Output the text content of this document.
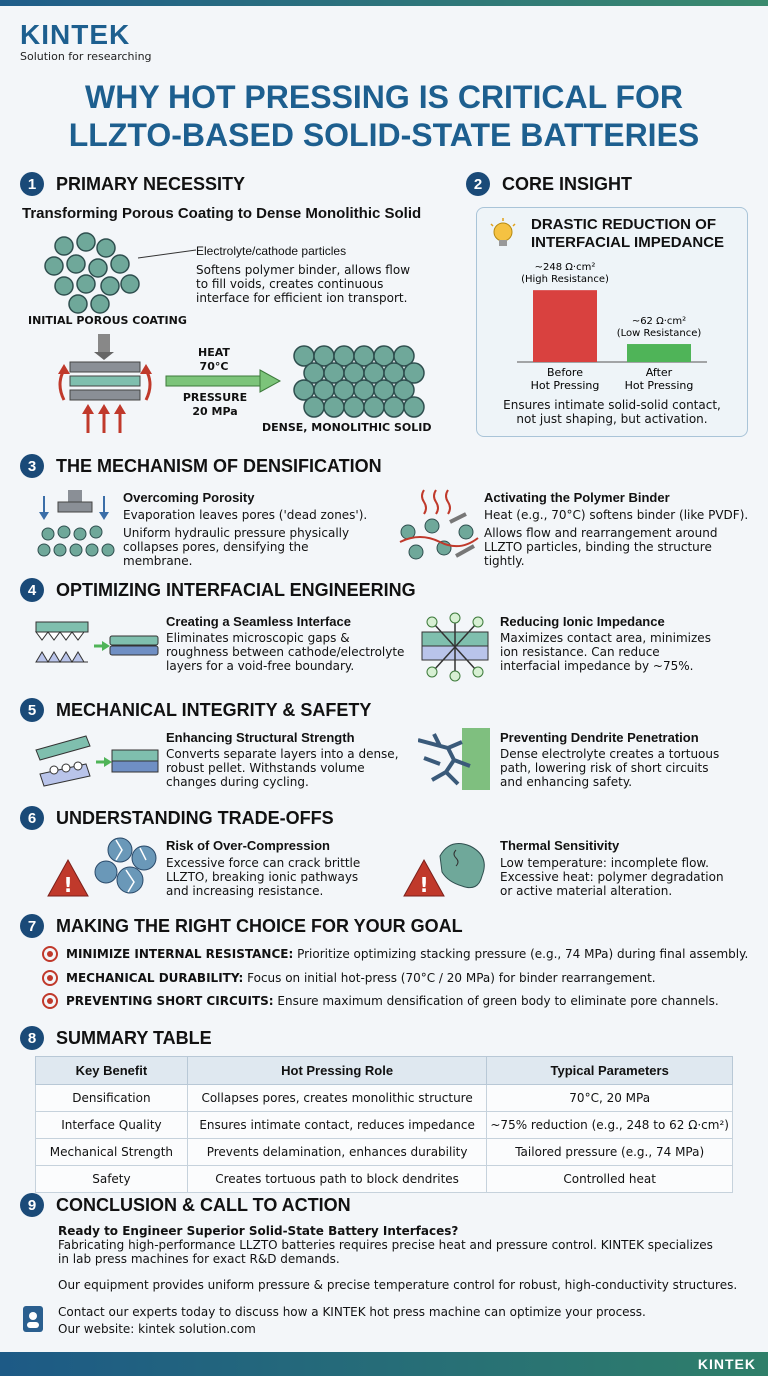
KINTEK
Solution for researching
WHY HOT PRESSING IS CRITICAL FOR
LLZTO-BASED SOLID-STATE BATTERIES
1	PRIMARY NECESSITY
Transforming Porous Coating to Dense Monolithic Solid
Electrolyte/cathode particles
Softens polymer binder, allows flow
to fill voids, creates continuous
interface for efficient ion transport.
INITIAL POROUS COATING
HEAT
70°C
PRESSURE
20 MPa
DENSE, MONOLITHIC SOLID
2	CORE INSIGHT
DRASTIC REDUCTION OF
INTERFACIAL IMPEDANCE
~248 Ω·cm²
(High Resistance)
Before
Hot Pressing
~62 Ω·cm²
(Low Resistance)
After
Hot Pressing
Ensures intimate solid-solid contact,
not just shaping, but activation.
3	THE MECHANISM OF DENSIFICATION
Overcoming Porosity
Evaporation leaves pores ('dead zones').
Uniform hydraulic pressure physically
collapses pores, densifying the
membrane.
Activating the Polymer Binder
Heat (e.g., 70°C) softens binder (like PVDF).
Allows flow and rearrangement around
LLZTO particles, binding the structure
tightly.
4	OPTIMIZING INTERFACIAL ENGINEERING
Creating a Seamless Interface
Eliminates microscopic gaps &
roughness between cathode/electrolyte
layers for a void-free boundary.
Reducing Ionic Impedance
Maximizes contact area, minimizes
ion resistance. Can reduce
interfacial impedance by ~75%.
5	MECHANICAL INTEGRITY & SAFETY
Enhancing Structural Strength
Converts separate layers into a dense,
robust pellet. Withstands volume
changes during cycling.
Preventing Dendrite Penetration
Dense electrolyte creates a tortuous
path, lowering risk of short circuits
and enhancing safety.
6	UNDERSTANDING TRADE-OFFS
!
Risk of Over-Compression
Excessive force can crack brittle
LLZTO, breaking ionic pathways
and increasing resistance.	!
Thermal Sensitivity
Low temperature: incomplete flow.
Excessive heat: polymer degradation
or active material alteration.
7	MAKING THE RIGHT CHOICE FOR YOUR GOAL
MINIMIZE INTERNAL RESISTANCE:
Prioritize optimizing stacking pressure (e.g., 74 MPa) during final assembly.
MECHANICAL DURABILITY:
Focus on initial hot-press (70°C / 20 MPa) for binder rearrangement.
PREVENTING SHORT CIRCUITS:
Ensure maximum densification of green body to eliminate pore channels.
8	SUMMARY TABLE
Key Benefit	Hot Pressing Role	Typical Parameters
Densification	Collapses pores, creates monolithic structure	70°C, 20 MPa
Interface Quality	Ensures intimate contact, reduces impedance	~75% reduction (e.g., 248 to 62 Ω·cm²)
Mechanical Strength	Prevents delamination, enhances durability	Tailored pressure (e.g., 74 MPa)
Safety	Creates tortuous path to block dendrites	Controlled heat
9	CONCLUSION & CALL TO ACTION
Ready to Engineer Superior Solid-State Battery Interfaces?
Fabricating high-performance LLZTO batteries requires precise heat and pressure control. KINTEK specializes
in lab press machines for exact R&D demands.
Our equipment provides uniform pressure & precise temperature control for robust, high-conductivity structures.
Contact our experts today to discuss how a KINTEK hot press machine can optimize your process.
Our website: kintek solution.com
KINTEK
